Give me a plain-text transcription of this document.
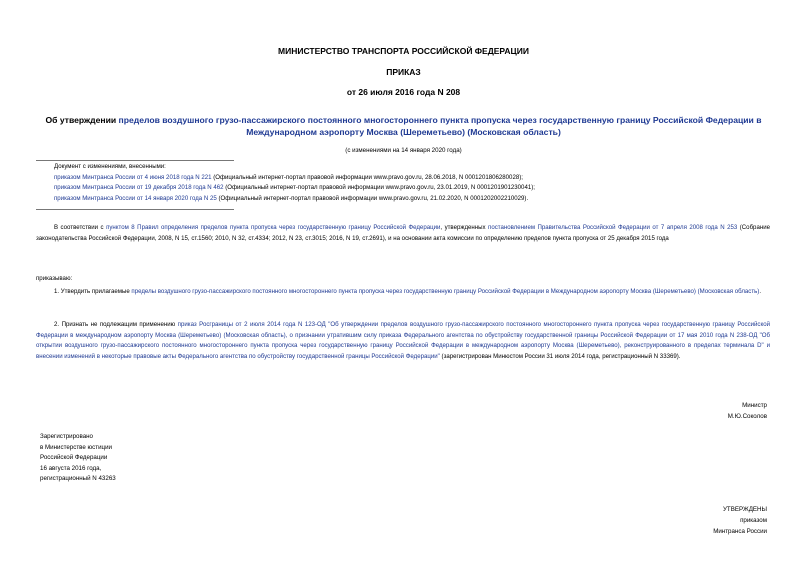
МИНИСТЕРСТВО ТРАНСПОРТА РОССИЙСКОЙ ФЕДЕРАЦИИ
ПРИКАЗ
от 26 июля 2016 года N 208
Об утверждении пределов воздушного грузо-пассажирского постоянного многостороннего пункта пропуска через государственную границу Российской Федерации в Международном аэропорту Москва (Шереметьево) (Московская область)
(с изменениями на 14 января 2020 года)
Документ с изменениями, внесенными:
приказом Минтранса России от 4 июня 2018 года N 221 (Официальный интернет-портал правовой информации www.pravo.gov.ru, 28.06.2018, N 0001201806280028);
приказом Минтранса России от 19 декабря 2018 года N 462 (Официальный интернет-портал правовой информации www.pravo.gov.ru, 23.01.2019, N 0001201901230041);
приказом Минтранса России от 14 января 2020 года N 25 (Официальный интернет-портал правовой информации www.pravo.gov.ru, 21.02.2020, N 0001202002210029).
В соответствии с пунктом 8 Правил определения пределов пункта пропуска через государственную границу Российской Федерации, утвержденных постановлением Правительства Российской Федерации от 7 апреля 2008 года N 253 (Собрание законодательства Российской Федерации, 2008, N 15, ст.1560; 2010, N 32, ст.4334; 2012, N 23, ст.3015; 2016, N 19, ст.2691), и на основании акта комиссии по определению пределов пункта пропуска от 25 декабря 2015 года
приказываю:
1. Утвердить прилагаемые пределы воздушного грузо-пассажирского постоянного многостороннего пункта пропуска через государственную границу Российской Федерации в Международном аэропорту Москва (Шереметьево) (Московская область).
2. Признать не подлежащим применению приказ Росграницы от 2 июля 2014 года N 123-ОД "Об утверждении пределов воздушного грузо-пассажирского постоянного многостороннего пункта пропуска через государственную границу Российской Федерации в международном аэропорту Москва (Шереметьево) (Московская область), о признании утратившим силу приказа Федерального агентства по обустройству государственной границы Российской Федерации от 17 мая 2010 года N 238-ОД "Об открытии воздушного грузо-пассажирского постоянного многостороннего пункта пропуска через государственную границу Российской Федерации в международном аэропорту Москва (Шереметьево), реконструированного в пределах терминала D" и внесении изменений в некоторые правовые акты Федерального агентства по обустройству государственной границы Российской Федерации" (зарегистрирован Минюстом России 31 июля 2014 года, регистрационный N 33369).
Министр
М.Ю.Соколов
Зарегистрировано
в Министерстве юстиции
Российской Федерации
16 августа 2016 года,
регистрационный N 43263
УТВЕРЖДЕНЫ
приказом
Минтранса России
